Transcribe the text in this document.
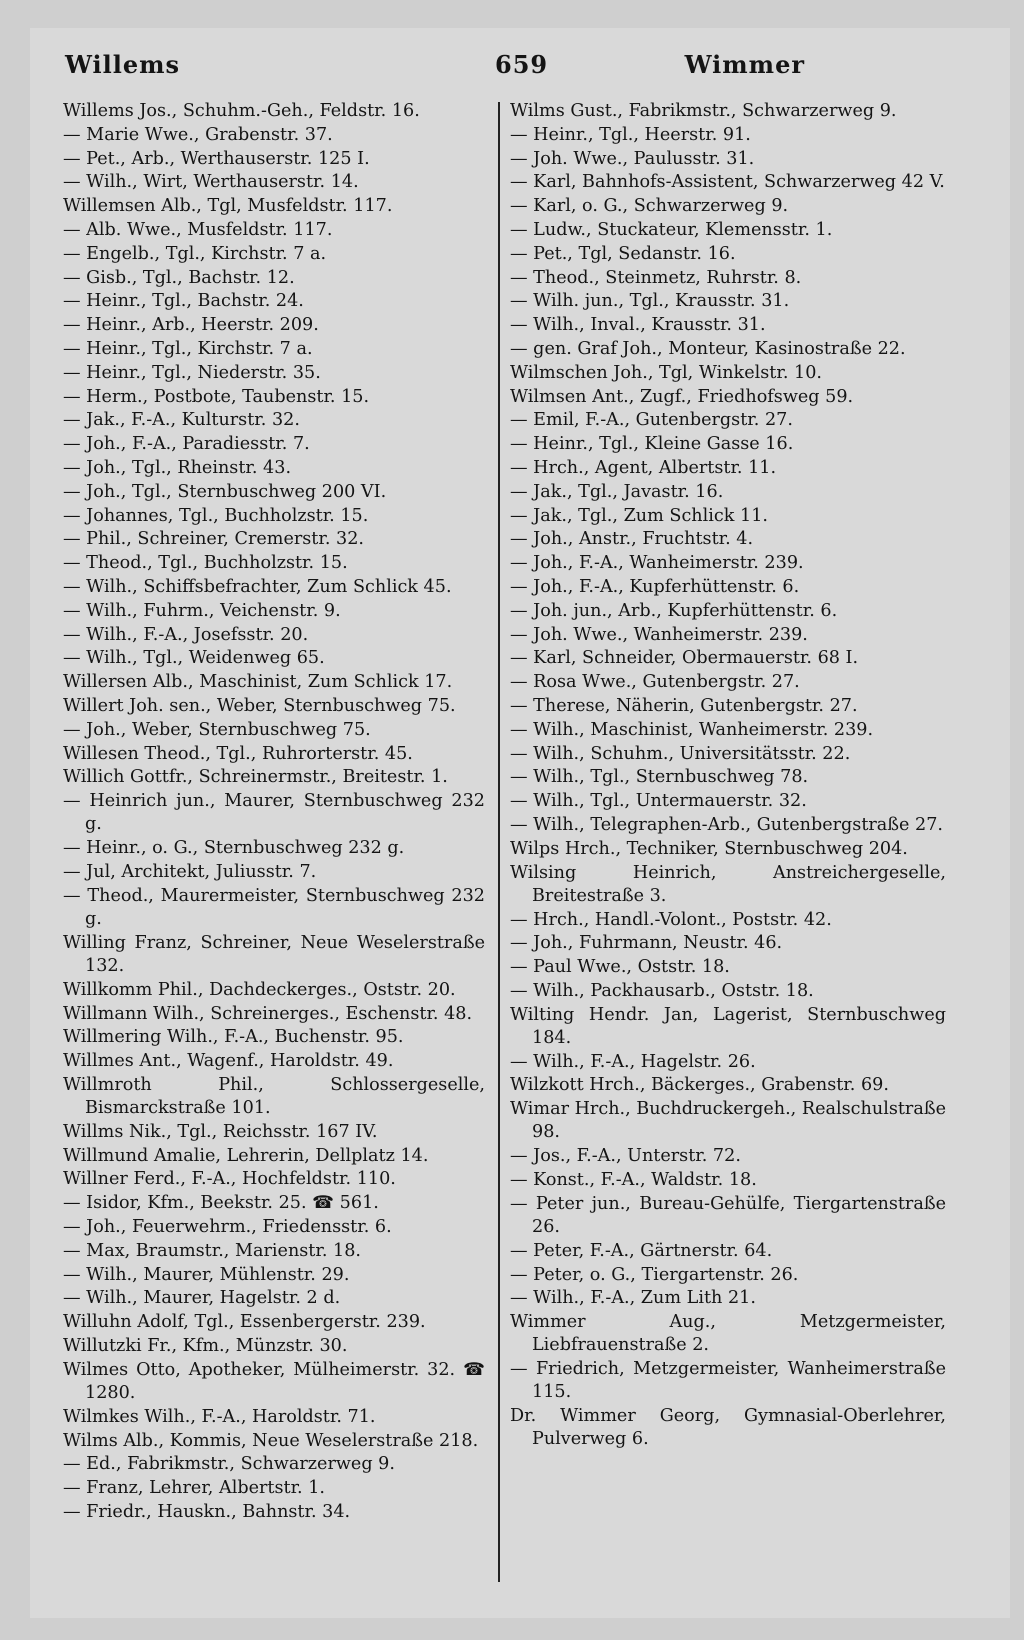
Willems	659	Wimmer
Willems Jos., Schuhm.-Geh., Feldstr. 16.
— Marie Wwe., Grabenstr. 37.
— Pet., Arb., Werthauserstr. 125 I.
— Wilh., Wirt, Werthauserstr. 14.
Willemsen Alb., Tgl, Musfeldstr. 117.
— Alb. Wwe., Musfeldstr. 117.
— Engelb., Tgl., Kirchstr. 7 a.
— Gisb., Tgl., Bachstr. 12.
— Heinr., Tgl., Bachstr. 24.
— Heinr., Arb., Heerstr. 209.
— Heinr., Tgl., Kirchstr. 7 a.
— Heinr., Tgl., Niederstr. 35.
— Herm., Postbote, Taubenstr. 15.
— Jak., F.-A., Kulturstr. 32.
— Joh., F.-A., Paradiesstr. 7.
— Joh., Tgl., Rheinstr. 43.
— Joh., Tgl., Sternbuschweg 200 VI.
— Johannes, Tgl., Buchholzstr. 15.
— Phil., Schreiner, Cremerstr. 32.
— Theod., Tgl., Buchholzstr. 15.
— Wilh., Schiffsbefrachter, Zum Schlick 45.
— Wilh., Fuhrm., Veichenstr. 9.
— Wilh., F.-A., Josefsstr. 20.
— Wilh., Tgl., Weidenweg 65.
Willersen Alb., Maschinist, Zum Schlick 17.
Willert Joh. sen., Weber, Sternbuschweg 75.
— Joh., Weber, Sternbuschweg 75.
Willesen Theod., Tgl., Ruhrorterstr. 45.
Willich Gottfr., Schreinermstr., Breitestr. 1.
— Heinrich jun., Maurer, Sternbuschweg 232 g.
— Heinr., o. G., Sternbuschweg 232 g.
— Jul, Architekt, Juliusstr. 7.
— Theod., Maurermeister, Sternbuschweg 232 g.
Willing Franz, Schreiner, Neue Weselerstraße 132.
Willkomm Phil., Dachdeckerges., Oststr. 20.
Willmann Wilh., Schreinerges., Eschenstr. 48.
Willmering Wilh., F.-A., Buchenstr. 95.
Willmes Ant., Wagenf., Haroldstr. 49.
Willmroth Phil., Schlossergeselle, Bismarckstraße 101.
Willms Nik., Tgl., Reichsstr. 167 IV.
Willmund Amalie, Lehrerin, Dellplatz 14.
Willner Ferd., F.-A., Hochfeldstr. 110.
— Isidor, Kfm., Beekstr. 25. ☎ 561.
— Joh., Feuerwehrm., Friedensstr. 6.
— Max, Braumstr., Marienstr. 18.
— Wilh., Maurer, Mühlenstr. 29.
— Wilh., Maurer, Hagelstr. 2 d.
Willuhn Adolf, Tgl., Essenbergerstr. 239.
Willutzki Fr., Kfm., Münzstr. 30.
Wilmes Otto, Apotheker, Mülheimerstr. 32. ☎ 1280.
Wilmkes Wilh., F.-A., Haroldstr. 71.
Wilms Alb., Kommis, Neue Weselerstraße 218.
— Ed., Fabrikmstr., Schwarzerweg 9.
— Franz, Lehrer, Albertstr. 1.
— Friedr., Hauskn., Bahnstr. 34.
Wilms Gust., Fabrikmstr., Schwarzerweg 9.
— Heinr., Tgl., Heerstr. 91.
— Joh. Wwe., Paulusstr. 31.
— Karl, Bahnhofs-Assistent, Schwarzerweg 42 V.
— Karl, o. G., Schwarzerweg 9.
— Ludw., Stuckateur, Klemensstr. 1.
— Pet., Tgl, Sedanstr. 16.
— Theod., Steinmetz, Ruhrstr. 8.
— Wilh. jun., Tgl., Krausstr. 31.
— Wilh., Inval., Krausstr. 31.
— gen. Graf Joh., Monteur, Kasinostraße 22.
Wilmschen Joh., Tgl, Winkelstr. 10.
Wilmsen Ant., Zugf., Friedhofsweg 59.
— Emil, F.-A., Gutenbergstr. 27.
— Heinr., Tgl., Kleine Gasse 16.
— Hrch., Agent, Albertstr. 11.
— Jak., Tgl., Javastr. 16.
— Jak., Tgl., Zum Schlick 11.
— Joh., Anstr., Fruchtstr. 4.
— Joh., F.-A., Wanheimerstr. 239.
— Joh., F.-A., Kupferhüttenstr. 6.
— Joh. jun., Arb., Kupferhüttenstr. 6.
— Joh. Wwe., Wanheimerstr. 239.
— Karl, Schneider, Obermauerstr. 68 I.
— Rosa Wwe., Gutenbergstr. 27.
— Therese, Näherin, Gutenbergstr. 27.
— Wilh., Maschinist, Wanheimerstr. 239.
— Wilh., Schuhm., Universitätsstr. 22.
— Wilh., Tgl., Sternbuschweg 78.
— Wilh., Tgl., Untermauerstr. 32.
— Wilh., Telegraphen-Arb., Gutenbergstraße 27.
Wilps Hrch., Techniker, Sternbuschweg 204.
Wilsing Heinrich, Anstreichergeselle, Breitestraße 3.
— Hrch., Handl.-Volont., Poststr. 42.
— Joh., Fuhrmann, Neustr. 46.
— Paul Wwe., Oststr. 18.
— Wilh., Packhausarb., Oststr. 18.
Wilting Hendr. Jan, Lagerist, Sternbuschweg 184.
— Wilh., F.-A., Hagelstr. 26.
Wilzkott Hrch., Bäckerges., Grabenstr. 69.
Wimar Hrch., Buchdruckergeh., Realschulstraße 98.
— Jos., F.-A., Unterstr. 72.
— Konst., F.-A., Waldstr. 18.
— Peter jun., Bureau-Gehülfe, Tiergartenstraße 26.
— Peter, F.-A., Gärtnerstr. 64.
— Peter, o. G., Tiergartenstr. 26.
— Wilh., F.-A., Zum Lith 21.
Wimmer Aug., Metzgermeister, Liebfrauenstraße 2.
— Friedrich, Metzgermeister, Wanheimerstraße 115.
Dr. Wimmer Georg, Gymnasial-Oberlehrer, Pulverweg 6.
